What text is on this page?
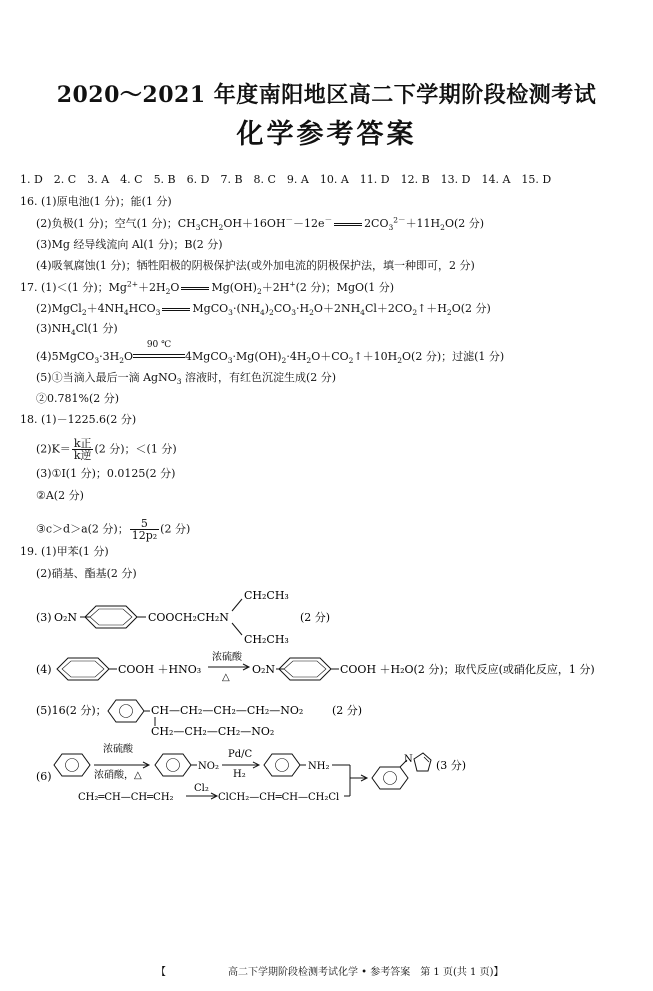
2020～2021 年度南阳地区高二下学期阶段检测考试
化学参考答案
1. D　2. C　3. A　4. C　5. B　6. D　7. B　8. C　9. A　10. A　11. D　12. B　13. D　14. A　15. D
16. (1)原电池(1 分)；能(1 分)
(2)负极(1 分)；空气(1 分)；$CH_3CH_2OH+16OH^--12e^-$	$2CO_3^{2-}+11H_2O(2$ 分)
(3)Mg 经导线流向 Al(1 分)；B(2 分)
(4)吸氧腐蚀(1 分)；牺牲阳极的阴极保护法(或外加电流的阴极保护法，填一种即可，2 分)
17. (1)＜(1 分)；$Mg^{2+}+2H_2O$	$Mg(OH)_2+2H^+(2$ 分)；MgO(1 分)
$(2)MgCl_2+4NH_4HCO_3$	$MgCO_3\cdot(NH_4)_2CO_3\cdot H_2O+2NH_4Cl+2CO_2↑+H_2O(2$ 分)
$(3)NH_4Cl(1$ 分)
$(4)5MgCO_3\cdot 3H_2O$
90 ℃
$4MgCO_3\cdot Mg(OH)_2\cdot 4H_2O+CO_2↑+10H_2O(2$ 分)；过滤(1 分)
(5)①当滴入最后一滴 AgNO$_3$ 溶液时，有红色沉淀生成(2 分)
②0.781%(2 分)
18. (1)－1225.6(2 分)
$(2)K= \frac{\text{k正}}{\text{k逆}} (2$ 分)；＜(1 分)
(3)①Ⅰ(1 分)；0.0125(2 分)
②A(2 分)
③c＞d＞a(2 分)； $\frac{5}{\text{12p₂}} (2$ 分)
19. (1)甲苯(1 分)
(2)硝基、酯基(2 分)
(3) O₂N	COOCH₂CH₂N
CH₂CH₃
CH₂CH₃
(2 分)
(4)	COOH ＋HNO₃
浓硫酸
△
O₂N	COOH ＋H₂O(2 分)；取代反应(或硝化反应，1 分)
(5)16(2 分)；	CH—CH₂—CH₂—CH₂—NO₂
CH₂—CH₂—CH₂—NO₂
(2 分)
(6)
浓硫酸
浓硝酸，△
NO₂
Pd/C
H₂
NH₂
N (3 分)
CH₂═CH—CH═CH₂
Cl₂
ClCH₂—CH═CH—CH₂Cl
【	高二下学期阶段检测考试化学 • 参考答案　第 1 页(共 1 页)】
